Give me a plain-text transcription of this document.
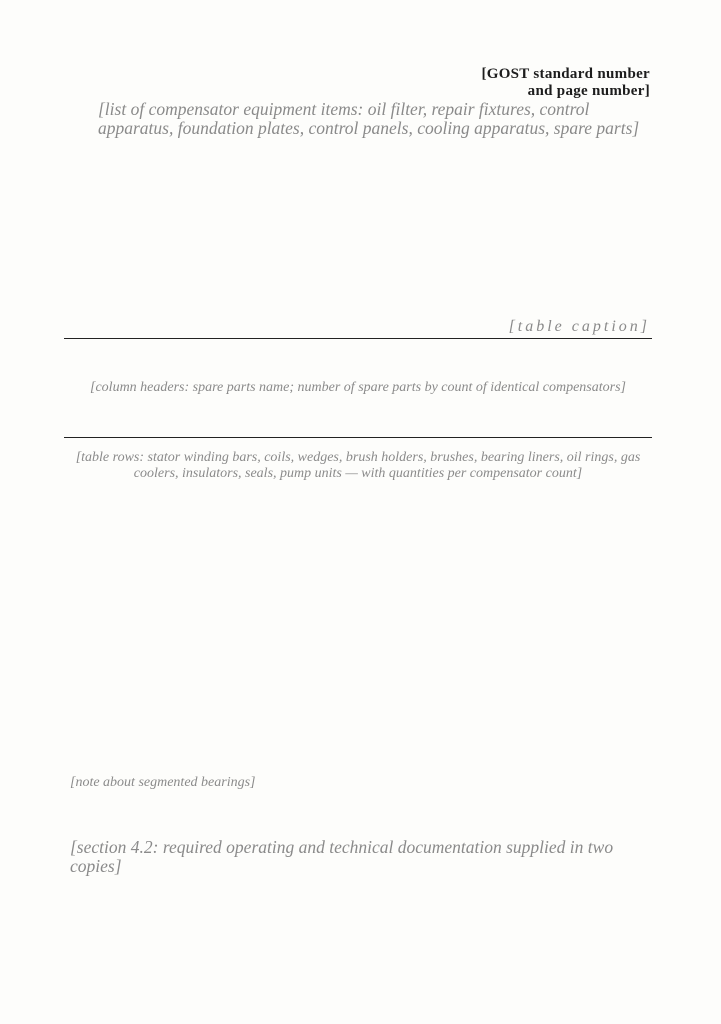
[GOST standard number and page number]

[list of compensator equipment items: oil filter, repair fixtures, control apparatus, foundation plates, control panels, cooling apparatus, spare parts]

[table caption]
[column headers: spare parts name; number of spare parts by count of identical compensators]
[table rows: stator winding bars, coils, wedges, brush holders, brushes, bearing liners, oil rings, gas coolers, insulators, seals, pump units — with quantities per compensator count]
[note about segmented bearings]

[section 4.2: required operating and technical documentation supplied in two copies]
